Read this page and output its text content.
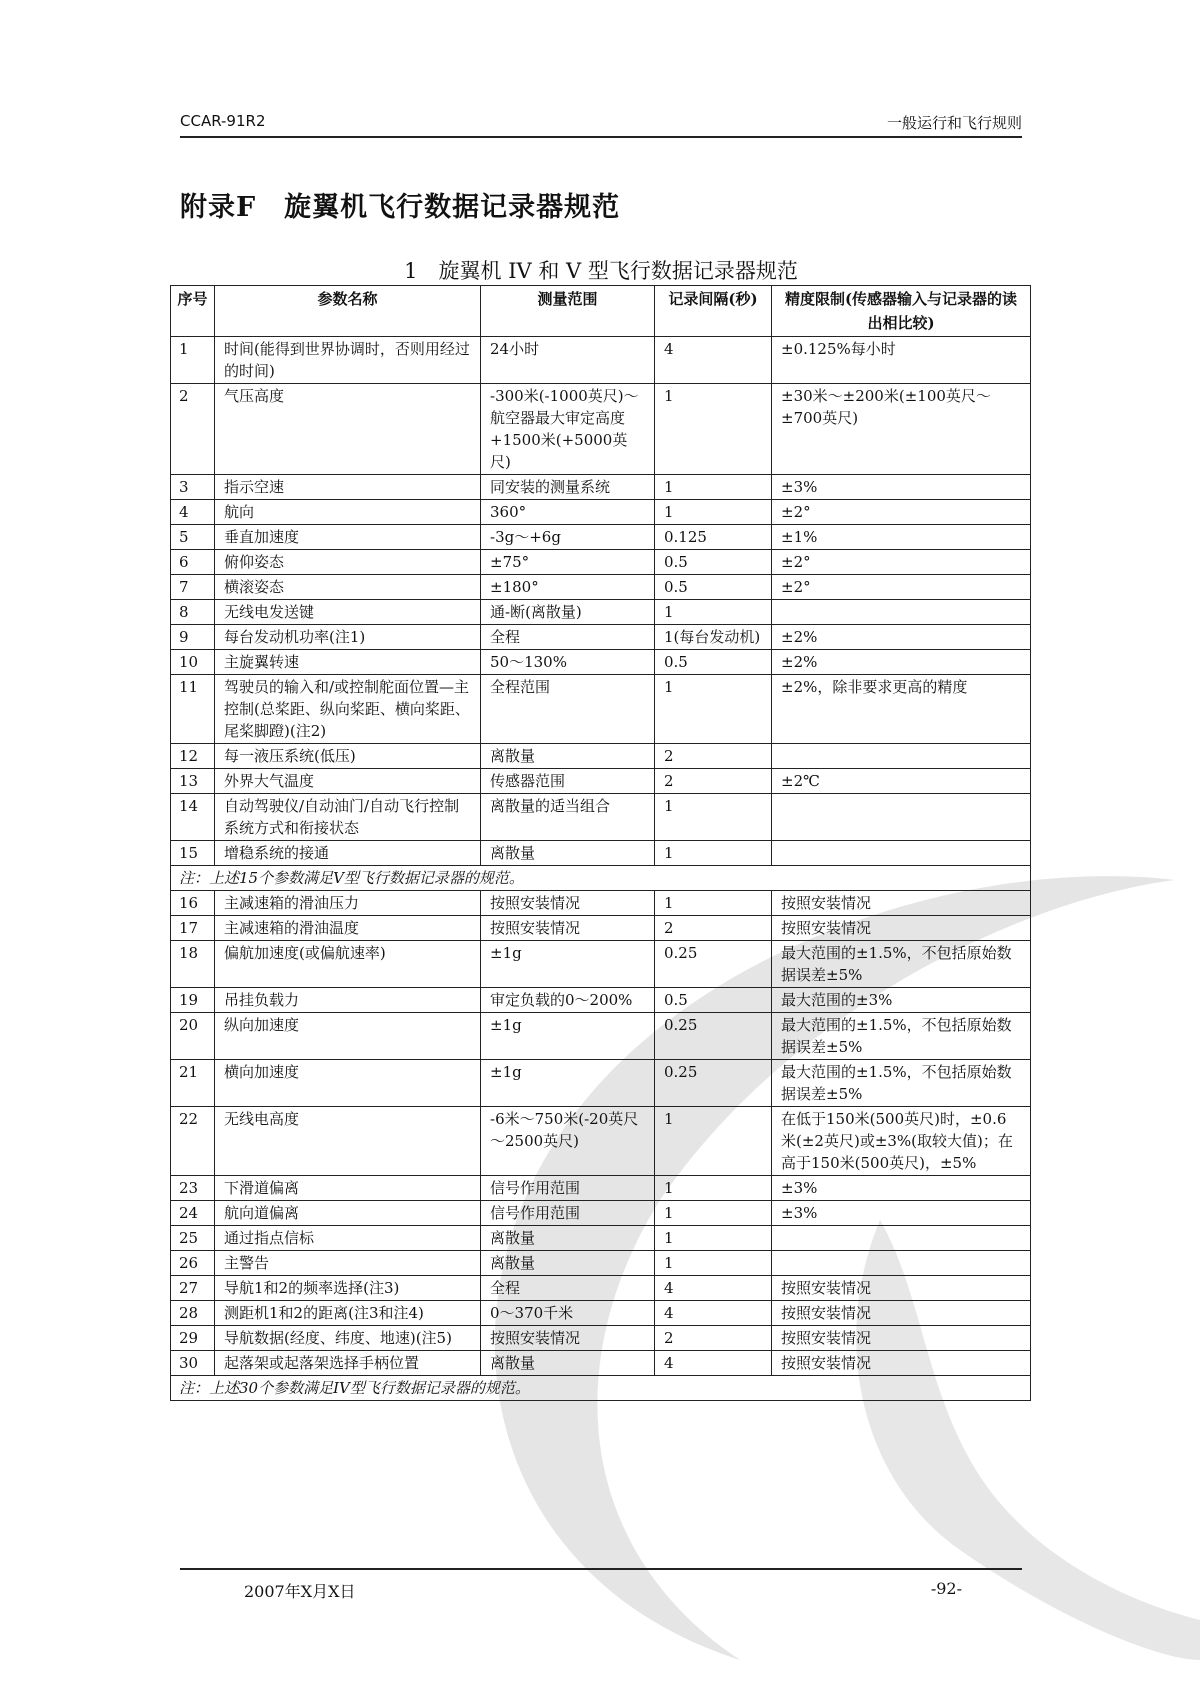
CCAR-91R2	一般运行和飞行规则
附录F　旋翼机飞行数据记录器规范
1　旋翼机 IV 和 V 型飞行数据记录器规范
序号	参数名称	测量范围	记录间隔(秒)	精度限制(传感器输入与记录器的读出相比较)
1	时间(能得到世界协调时，否则用经过的时间)	24小时	4	±0.125%每小时
2	气压高度	-300米(-1000英尺)～航空器最大审定高度+1500米(+5000英尺)	1	±30米～±200米(±100英尺～±700英尺)
3	指示空速	同安装的测量系统	1	±3%
4	航向	360°	1	±2°
5	垂直加速度	-3g～+6g	0.125	±1%
6	俯仰姿态	±75°	0.5	±2°
7	横滚姿态	±180°	0.5	±2°
8	无线电发送键	通-断(离散量)	1	
9	每台发动机功率(注1)	全程	1(每台发动机)	±2%
10	主旋翼转速	50～130%	0.5	±2%
11	驾驶员的输入和/或控制舵面位置—主控制(总桨距、纵向桨距、横向桨距、尾桨脚蹬)(注2)	全程范围	1	±2%，除非要求更高的精度
12	每一液压系统(低压)	离散量	2	
13	外界大气温度	传感器范围	2	±2℃
14	自动驾驶仪/自动油门/自动飞行控制系统方式和衔接状态	离散量的适当组合	1	
15	增稳系统的接通	离散量	1	
注：上述15个参数满足V型飞行数据记录器的规范。				
16	主减速箱的滑油压力	按照安装情况	1	按照安装情况
17	主减速箱的滑油温度	按照安装情况	2	按照安装情况
18	偏航加速度(或偏航速率)	±1g	0.25	最大范围的±1.5%，不包括原始数据误差±5%
19	吊挂负载力	审定负载的0～200%	0.5	最大范围的±3%
20	纵向加速度	±1g	0.25	最大范围的±1.5%，不包括原始数据误差±5%
21	横向加速度	±1g	0.25	最大范围的±1.5%，不包括原始数据误差±5%
22	无线电高度	-6米～750米(-20英尺～2500英尺)	1	在低于150米(500英尺)时，±0.6米(±2英尺)或±3%(取较大值)；在高于150米(500英尺)，±5%
23	下滑道偏离	信号作用范围	1	±3%
24	航向道偏离	信号作用范围	1	±3%
25	通过指点信标	离散量	1	
26	主警告	离散量	1	
27	导航1和2的频率选择(注3)	全程	4	按照安装情况
28	测距机1和2的距离(注3和注4)	0～370千米	4	按照安装情况
29	导航数据(经度、纬度、地速)(注5)	按照安装情况	2	按照安装情况
30	起落架或起落架选择手柄位置	离散量	4	按照安装情况
注：上述30个参数满足IV型飞行数据记录器的规范。				
2007年X月X日	-92-
